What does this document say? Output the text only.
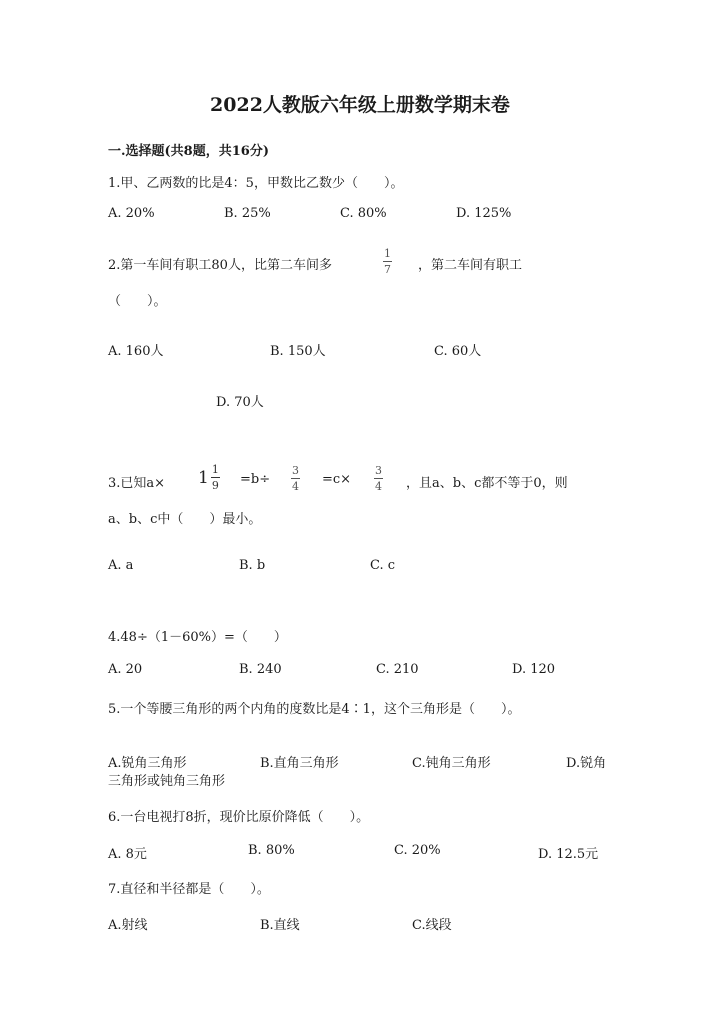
2022人教版六年级上册数学期末卷
一.选择题(共8题，共16分)
1.甲、乙两数的比是4：5，甲数比乙数少（　　）。
A. 20%	B. 25%	C. 80%	D. 125%
2.第一车间有职工80人，比第二车间多
1
7 ，第二车间有职工
（　　）。
A. 160人	B. 150人	C. 60人
D. 70人
3.已知a× 1 1
9 =b÷
3
4 =c×
3
4 ，且a、b、c都不等于0，则
a、b、c中（　　）最小。
A. a	B. b	C. c
4.48÷（1－60%）=（　　）
A. 20	B. 240	C. 210	D. 120
5.一个等腰三角形的两个内角的度数比是4∶1，这个三角形是（　　）。
A.锐角三角形	B.直角三角形	C.钝角三角形	D.锐角
三角形或钝角三角形
6.一台电视打8折，现价比原价降低（　　）。
A. 8元	B. 80%	C. 20%	D. 12.5元
7.直径和半径都是（　　）。
A.射线	B.直线	C.线段
